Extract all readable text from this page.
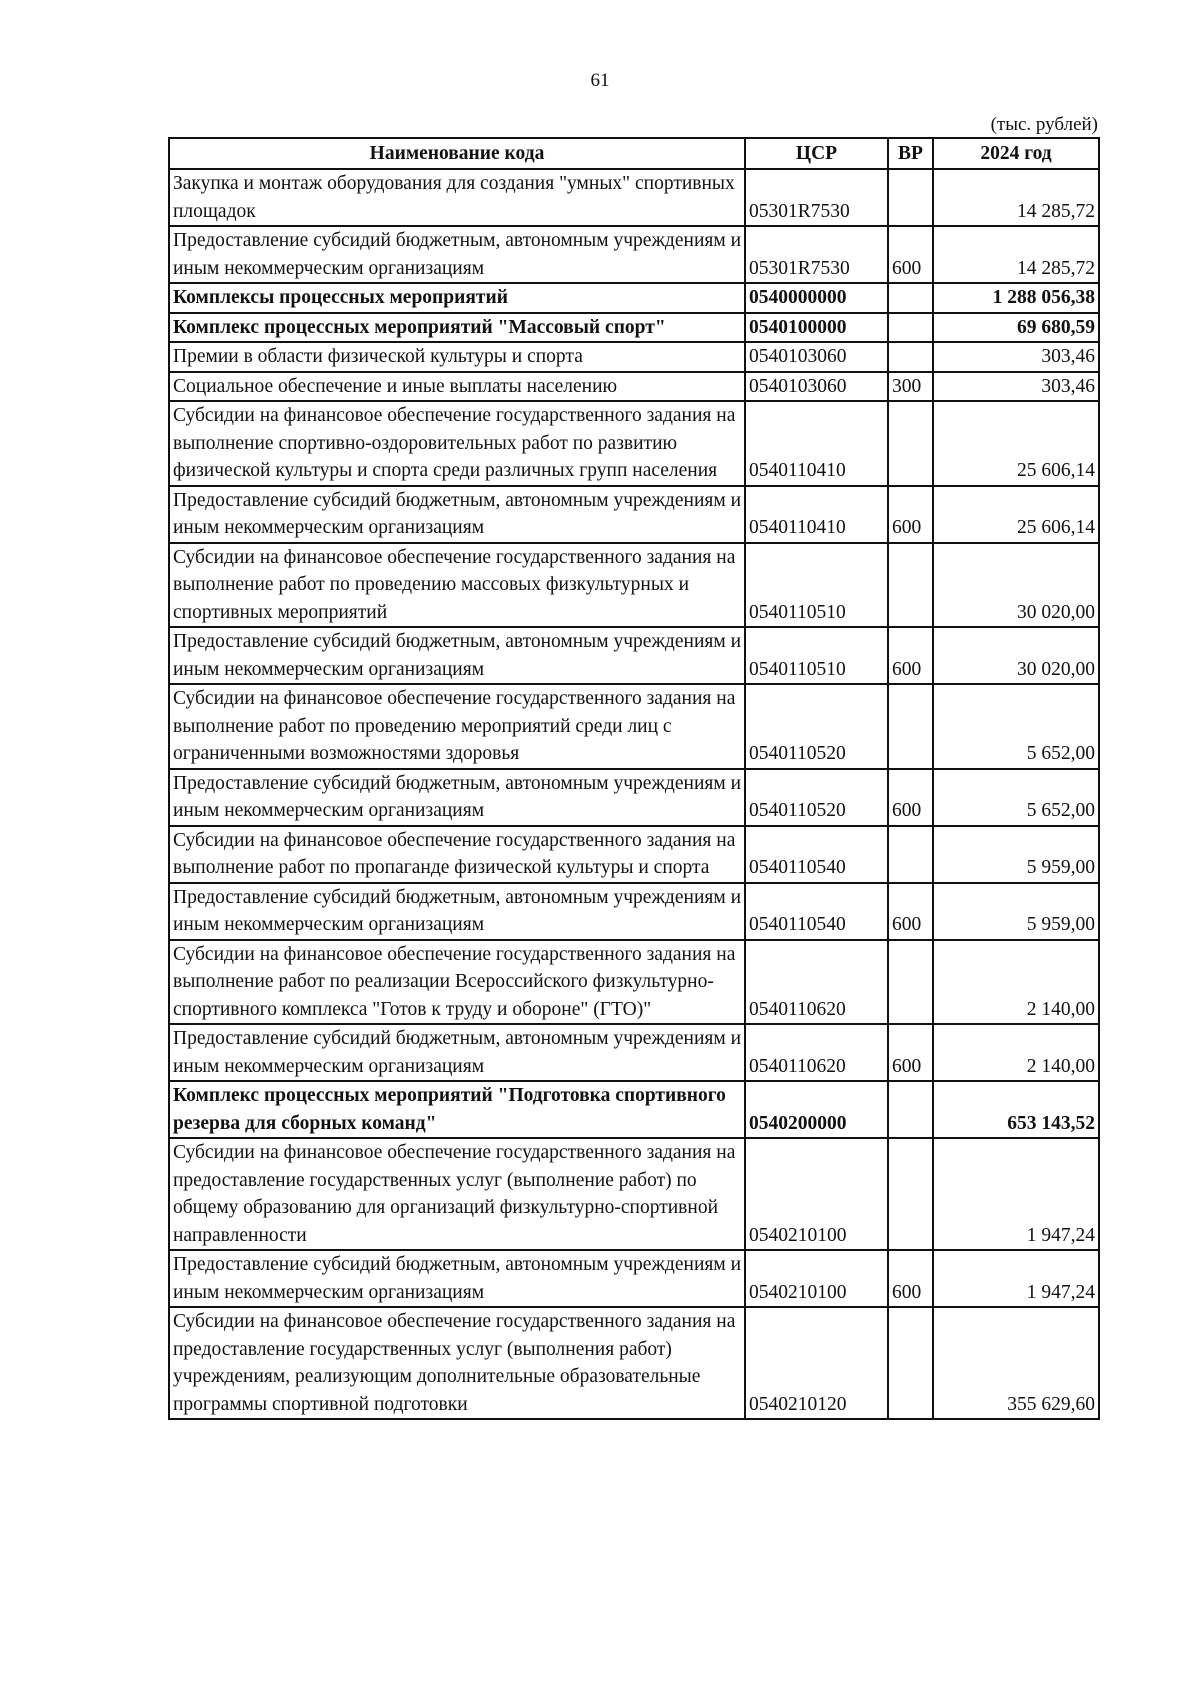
61
(тыс. рублей)
Наименование кода	ЦСР	ВР	2024 год
Закупка и монтаж оборудования для создания "умных" спортивных площадок	05301R7530		14 285,72
Предоставление субсидий бюджетным, автономным учреждениям и иным некоммерческим организациям	05301R7530	600	14 285,72
Комплексы процессных мероприятий	0540000000		1 288 056,38
Комплекс процессных мероприятий "Массовый спорт"	0540100000		69 680,59
Премии в области физической культуры и спорта	0540103060		303,46
Социальное обеспечение и иные выплаты населению	0540103060	300	303,46
Субсидии на финансовое обеспечение государственного задания на выполнение спортивно-оздоровительных работ по развитию физической культуры и спорта среди различных групп населения	0540110410		25 606,14
Предоставление субсидий бюджетным, автономным учреждениям и иным некоммерческим организациям	0540110410	600	25 606,14
Субсидии на финансовое обеспечение государственного задания на выполнение работ по проведению массовых физкультурных и спортивных мероприятий	0540110510		30 020,00
Предоставление субсидий бюджетным, автономным учреждениям и иным некоммерческим организациям	0540110510	600	30 020,00
Субсидии на финансовое обеспечение государственного задания на выполнение работ по проведению мероприятий среди лиц с ограниченными возможностями здоровья	0540110520		5 652,00
Предоставление субсидий бюджетным, автономным учреждениям и иным некоммерческим организациям	0540110520	600	5 652,00
Субсидии на финансовое обеспечение государственного задания на выполнение работ по пропаганде физической культуры и спорта	0540110540		5 959,00
Предоставление субсидий бюджетным, автономным учреждениям и иным некоммерческим организациям	0540110540	600	5 959,00
Субсидии на финансовое обеспечение государственного задания на выполнение работ по реализации Всероссийского физкультурно-спортивного комплекса "Готов к труду и обороне" (ГТО)"	0540110620		2 140,00
Предоставление субсидий бюджетным, автономным учреждениям и иным некоммерческим организациям	0540110620	600	2 140,00
Комплекс процессных мероприятий "Подготовка спортивного резерва для сборных команд"	0540200000		653 143,52
Субсидии на финансовое обеспечение государственного задания на предоставление государственных услуг (выполнение работ) по общему образованию для организаций физкультурно-спортивной направленности	0540210100		1 947,24
Предоставление субсидий бюджетным, автономным учреждениям и иным некоммерческим организациям	0540210100	600	1 947,24
Субсидии на финансовое обеспечение государственного задания на предоставление государственных услуг (выполнения работ) учреждениям, реализующим дополнительные образовательные программы спортивной подготовки	0540210120		355 629,60
